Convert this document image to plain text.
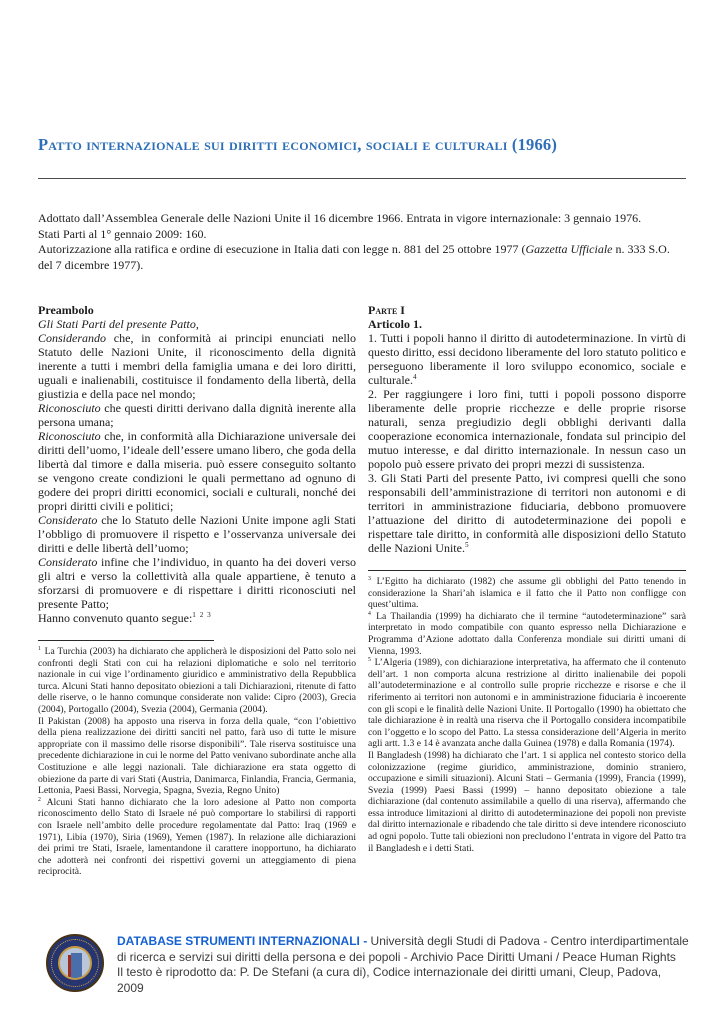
Patto internazionale sui diritti economici, sociali e culturali (1966)

Adottato dall’Assemblea Generale delle Nazioni Unite il 16 dicembre 1966. Entrata in vigore internazionale: 3 gennaio 1976.

Stati Parti al 1° gennaio 2009: 160.

Autorizzazione alla ratifica e ordine di esecuzione in Italia dati con legge n. 881 del 25 ottobre 1977 (Gazzetta Ufficiale n. 333 S.O. del 7 dicembre 1977).

Preambolo

Gli Stati Parti del presente Patto,

Considerando che, in conformità ai principi enunciati nello Statuto delle Nazioni Unite, il riconoscimento della dignità inerente a tutti i membri della famiglia umana e dei loro diritti, uguali e inalienabili, costituisce il fondamento della libertà, della giustizia e della pace nel mondo;

Riconosciuto che questi diritti derivano dalla dignità inerente alla persona umana;

Riconosciuto che, in conformità alla Dichiarazione universale dei diritti dell’uomo, l’ideale dell’essere umano libero, che goda della libertà dal timore e dalla miseria. può essere conseguito soltanto se vengono create condizioni le quali permettano ad ognuno di godere dei propri diritti economici, sociali e culturali, nonché dei propri diritti civili e politici;

Considerato che lo Statuto delle Nazioni Unite impone agli Stati l’obbligo di promuovere il rispetto e l’osservanza universale dei diritti e delle libertà dell’uomo;

Considerato infine che l’individuo, in quanto ha dei doveri verso gli altri e verso la collettività alla quale appartiene, è tenuto a sforzarsi di promuovere e di rispettare i diritti riconosciuti nel presente Patto;

Hanno convenuto quanto segue:$^{1 2 3}$

$^1$ La Turchia (2003) ha dichiarato che applicherà le disposizioni del Patto solo nei confronti degli Stati con cui ha relazioni diplomatiche e solo nel territorio nazionale in cui vige l’ordinamento giuridico e amministrativo della Repubblica turca. Alcuni Stati hanno depositato obiezioni a tali Dichiarazioni, ritenute di fatto delle riserve, o le hanno comunque considerate non valide: Cipro (2003), Grecia (2004), Portogallo (2004), Svezia (2004), Germania (2004).

Il Pakistan (2008) ha apposto una riserva in forza della quale, “con l’obiettivo della piena realizzazione dei diritti sanciti nel patto, farà uso di tutte le misure appropriate con il massimo delle risorse disponibili”. Tale riserva sostituisce una precedente dichiarazione in cui le norme del Patto venivano subordinate anche alla Costituzione e alle leggi nazionali. Tale dichiarazione era stata oggetto di obiezione da parte di vari Stati (Austria, Danimarca, Finlandia, Francia, Germania, Lettonia, Paesi Bassi, Norvegia, Spagna, Svezia, Regno Unito)

$^2$ Alcuni Stati hanno dichiarato che la loro adesione al Patto non comporta riconoscimento dello Stato di Israele né può comportare lo stabilirsi di rapporti con Israele nell’ambito delle procedure regolamentate dal Patto: Iraq (1969 e 1971), Libia (1970), Siria (1969), Yemen (1987). In relazione alle dichiarazioni dei primi tre Stati, Israele, lamentandone il carattere inopportuno, ha dichiarato che adotterà nei confronti dei rispettivi governi un atteggiamento di piena reciprocità.

Parte I

Articolo 1.

1. Tutti i popoli hanno il diritto di autodeterminazione. In virtù di questo diritto, essi decidono liberamente del loro statuto politico e perseguono liberamente il loro sviluppo economico, sociale e culturale.$^4$

2. Per raggiungere i loro fini, tutti i popoli possono disporre liberamente delle proprie ricchezze e delle proprie risorse naturali, senza pregiudizio degli obblighi derivanti dalla cooperazione economica internazionale, fondata sul principio del mutuo interesse, e dal diritto internazionale. In nessun caso un popolo può essere privato dei propri mezzi di sussistenza.

3. Gli Stati Parti del presente Patto, ivi compresi quelli che sono responsabili dell’amministrazione di territori non autonomi e di territori in amministrazione fiduciaria, debbono promuovere l’attuazione del diritto di autodeterminazione dei popoli e rispettare tale diritto, in conformità alle disposizioni dello Statuto delle Nazioni Unite.$^5$

$^3$ L’Egitto ha dichiarato (1982) che assume gli obblighi del Patto tenendo in considerazione la Shari’ah islamica e il fatto che il Patto non confligge con quest’ultima.

$^4$ La Thailandia (1999) ha dichiarato che il termine “autodeterminazione” sarà interpretato in modo compatibile con quanto espresso nella Dichiarazione e Programma d’Azione adottato dalla Conferenza mondiale sui diritti umani di Vienna, 1993.

$^5$ L’Algeria (1989), con dichiarazione interpretativa, ha affermato che il contenuto dell’art. 1 non comporta alcuna restrizione al diritto inalienabile dei popoli all’autodeterminazione e al controllo sulle proprie ricchezze e risorse e che il riferimento ai territori non autonomi e in amministrazione fiduciaria è incoerente con gli scopi e le finalità delle Nazioni Unite. Il Portogallo (1990) ha obiettato che tale dichiarazione è in realtà una riserva che il Portogallo considera incompatibile con l’oggetto e lo scopo del Patto. La stessa considerazione dell’Algeria in merito agli artt. 1.3 e 14 è avanzata anche dalla Guinea (1978) e dalla Romania (1974).

Il Bangladesh (1998) ha dichiarato che l’art. 1 si applica nel contesto storico della colonizzazione (regime giuridico, amministrazione, dominio straniero, occupazione e simili situazioni). Alcuni Stati – Germania (1999), Francia (1999), Svezia (1999) Paesi Bassi (1999) – hanno depositato obiezione a tale dichiarazione (dal contenuto assimilabile a quello di una riserva), affermando che essa introduce limitazioni al diritto di autodeterminazione dei popoli non previste dal diritto internazionale e ribadendo che tale diritto si deve intendere riconosciuto ad ogni popolo. Tutte tali obiezioni non precludono l’entrata in vigore del Patto tra il Bangladesh e i detti Stati.

DATABASE STRUMENTI INTERNAZIONALI - Università degli Studi di Padova - Centro interdipartimentale

di ricerca e servizi sui diritti della persona e dei popoli - Archivio Pace Diritti Umani / Peace Human Rights

Il testo è riprodotto da: P. De Stefani (a cura di), Codice internazionale dei diritti umani, Cleup, Padova, 2009
